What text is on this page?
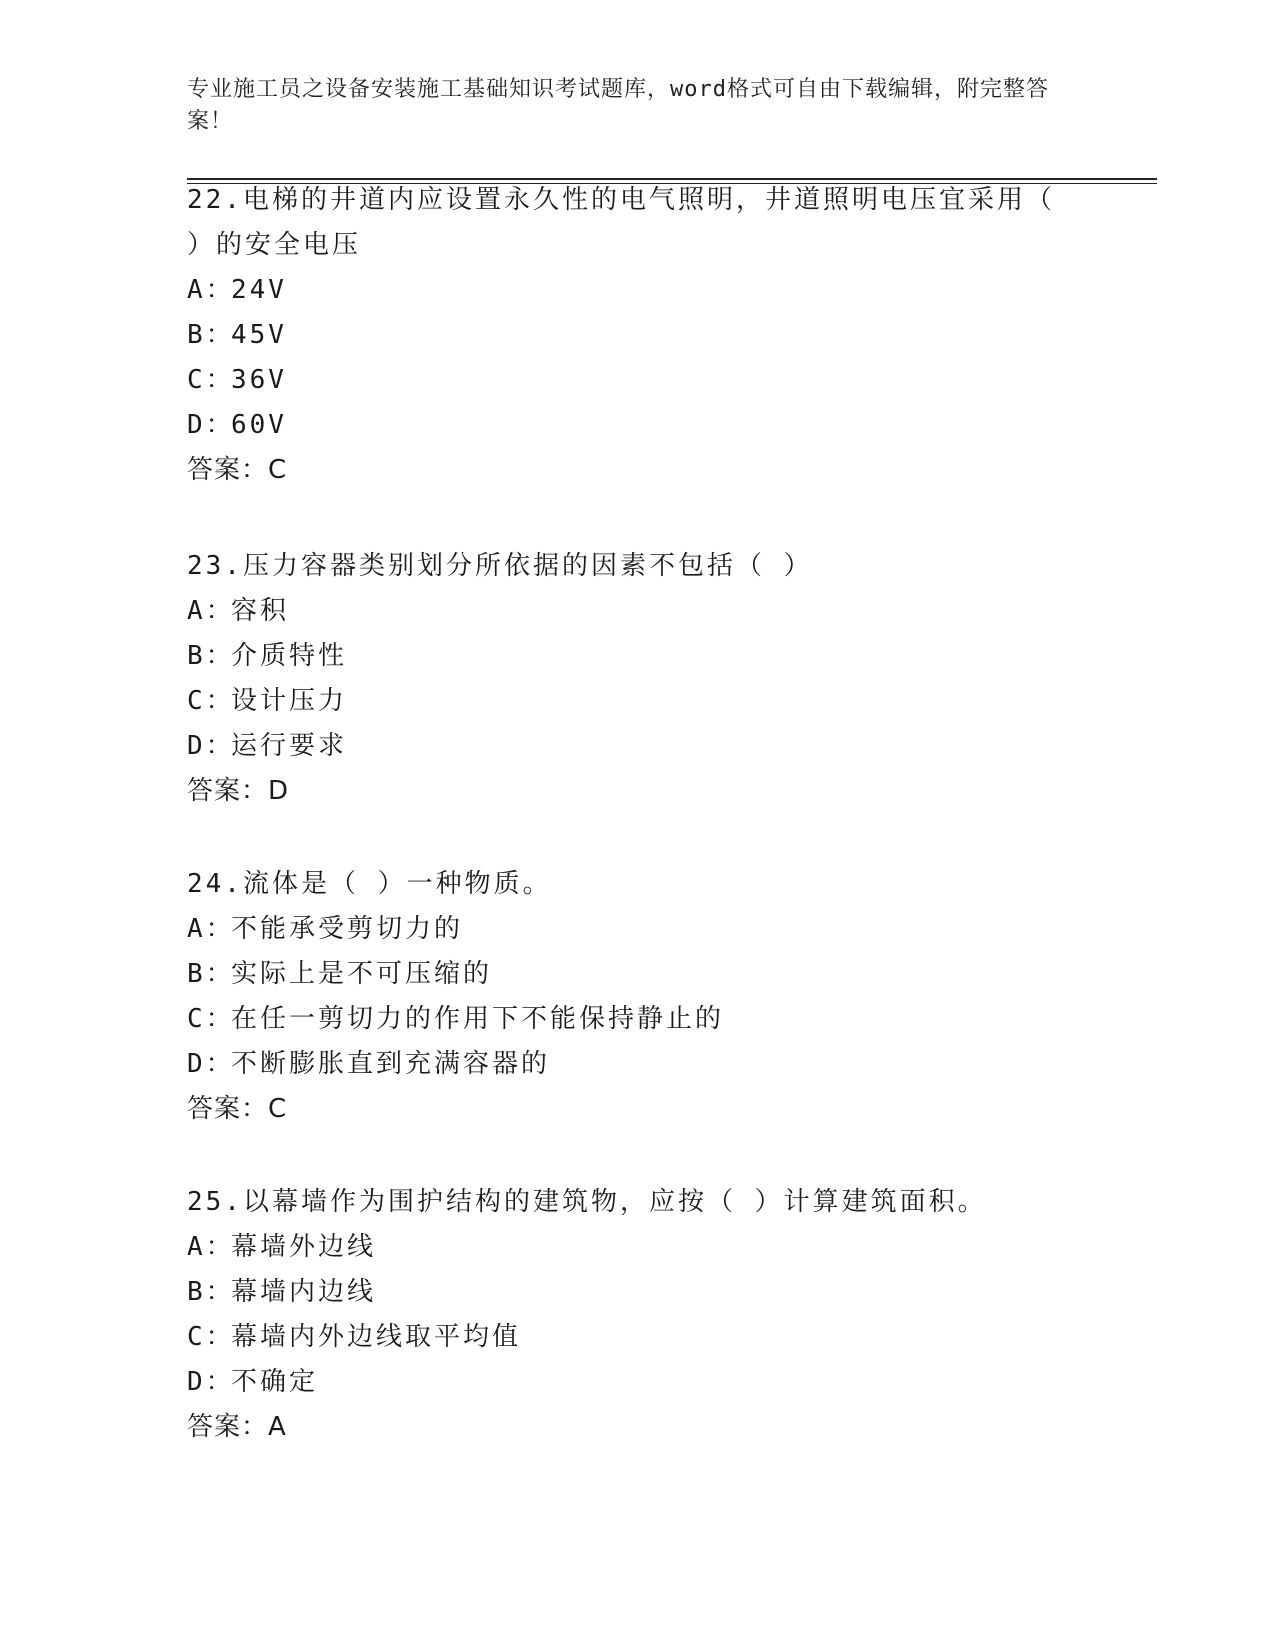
专业施工员之设备安装施工基础知识考试题库，word格式可自由下载编辑，附完整答案！

22.电梯的井道内应设置永久性的电气照明，井道照明电压宜采用（ ）的安全电压

A：24V

B：45V

C：36V

D：60V

答案：C

23.压力容器类别划分所依据的因素不包括（ ）

A：容积

B：介质特性

C：设计压力

D：运行要求

答案：D

24.流体是（ ）一种物质。

A：不能承受剪切力的

B：实际上是不可压缩的

C：在任一剪切力的作用下不能保持静止的

D：不断膨胀直到充满容器的

答案：C

25.以幕墙作为围护结构的建筑物，应按（ ）计算建筑面积。

A：幕墙外边线

B：幕墙内边线

C：幕墙内外边线取平均值

D：不确定

答案：A
